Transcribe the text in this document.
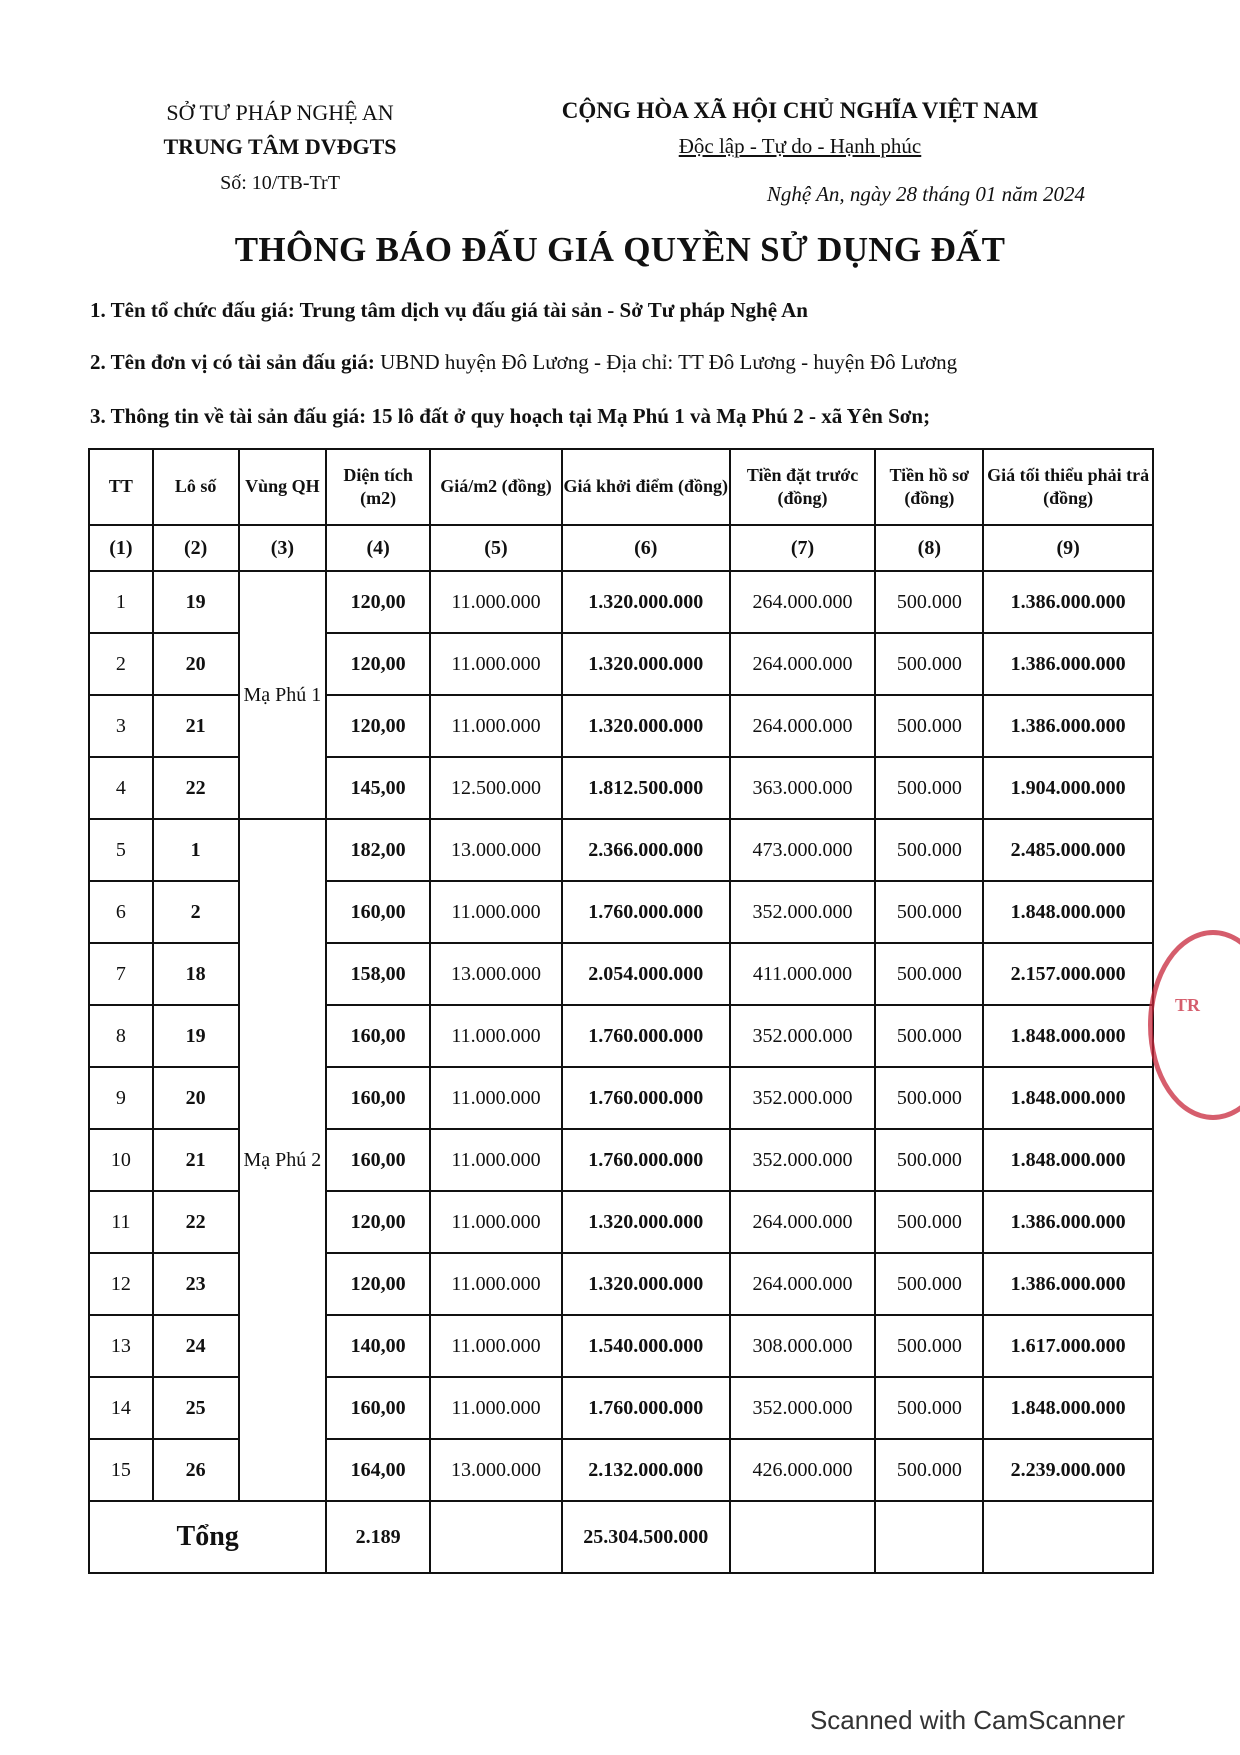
SỞ TƯ PHÁP NGHỆ AN
TRUNG TÂM DVĐGTS
Số: 10/TB-TrT
CỘNG HÒA XÃ HỘI CHỦ NGHĨA VIỆT NAM
Độc lập - Tự do - Hạnh phúc
Nghệ An, ngày 28 tháng 01 năm 2024
THÔNG BÁO ĐẤU GIÁ QUYỀN SỬ DỤNG ĐẤT
1. Tên tổ chức đấu giá: Trung tâm dịch vụ đấu giá tài sản - Sở Tư pháp Nghệ An
2. Tên đơn vị có tài sản đấu giá: UBND huyện Đô Lương - Địa chỉ: TT Đô Lương - huyện Đô Lương
3. Thông tin về tài sản đấu giá: 15 lô đất ở quy hoạch tại Mạ Phú 1 và Mạ Phú 2 - xã Yên Sơn;
TT	Lô số	Vùng QH	Diện tích (m2)	Giá/m2 (đồng)	Giá khởi điểm (đồng)	Tiền đặt trước (đồng)	Tiền hồ sơ (đồng)	Giá tối thiểu phải trả (đồng)
(1)	(2)	(3)	(4)	(5)	(6)	(7)	(8)	(9)
1	19	Mạ Phú 1	120,00	11.000.000	1.320.000.000	264.000.000	500.000	1.386.000.000
2	20		120,00	11.000.000	1.320.000.000	264.000.000	500.000	1.386.000.000
3	21		120,00	11.000.000	1.320.000.000	264.000.000	500.000	1.386.000.000
4	22		145,00	12.500.000	1.812.500.000	363.000.000	500.000	1.904.000.000
5	1	Mạ Phú 2	182,00	13.000.000	2.366.000.000	473.000.000	500.000	2.485.000.000
6	2		160,00	11.000.000	1.760.000.000	352.000.000	500.000	1.848.000.000
7	18		158,00	13.000.000	2.054.000.000	411.000.000	500.000	2.157.000.000
8	19		160,00	11.000.000	1.760.000.000	352.000.000	500.000	1.848.000.000
9	20		160,00	11.000.000	1.760.000.000	352.000.000	500.000	1.848.000.000
10	21		160,00	11.000.000	1.760.000.000	352.000.000	500.000	1.848.000.000
11	22		120,00	11.000.000	1.320.000.000	264.000.000	500.000	1.386.000.000
12	23		120,00	11.000.000	1.320.000.000	264.000.000	500.000	1.386.000.000
13	24		140,00	11.000.000	1.540.000.000	308.000.000	500.000	1.617.000.000
14	25		160,00	11.000.000	1.760.000.000	352.000.000	500.000	1.848.000.000
15	26		164,00	13.000.000	2.132.000.000	426.000.000	500.000	2.239.000.000
Tổng			2.189		25.304.500.000			
TR
Scanned with CamScanner
